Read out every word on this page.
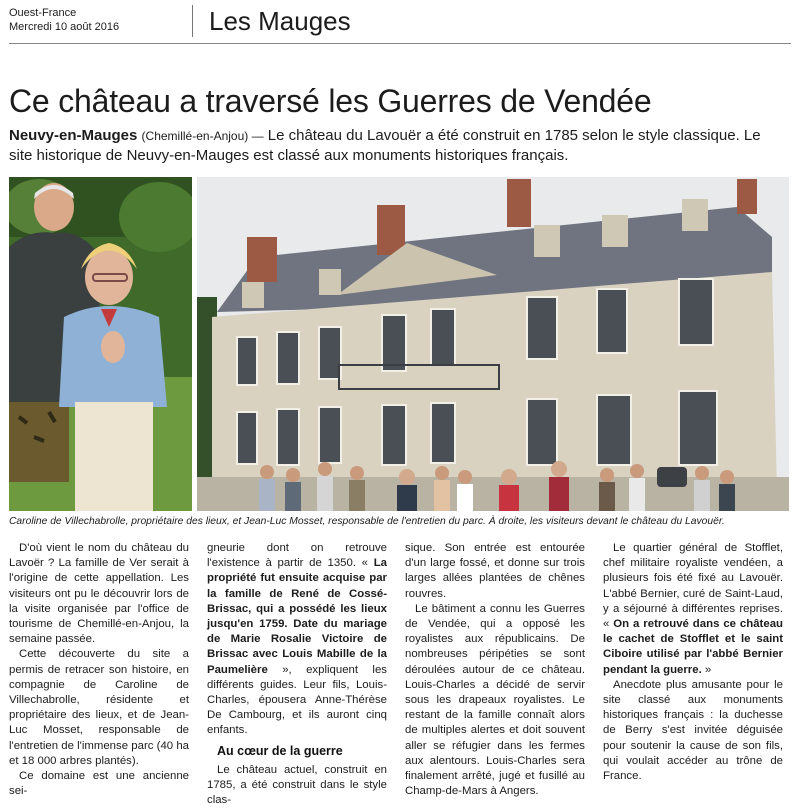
Ouest-France
Mercredi 10 août 2016	Les Mauges
Ce château a traversé les Guerres de Vendée
Neuvy-en-Mauges (Chemillé-en-Anjou) — Le château du Lavouër a été construit en 1785 selon le style classique. Le site historique de Neuvy-en-Mauges est classé aux monuments historiques français.
Caroline de Villechabrolle, propriétaire des lieux, et Jean-Luc Mosset, responsable de l'entretien du parc. À droite, les visiteurs devant le château du Lavouër.

D'où vient le nom du château du Lavoër ? La famille de Ver serait à l'origine de cette appellation. Les visiteurs ont pu le découvrir lors de la visite organisée par l'office de tourisme de Chemillé-en-Anjou, la semaine passée.

Cette découverte du site a permis de retracer son histoire, en compagnie de Caroline de Villechabrolle, résidente et propriétaire des lieux, et de Jean-Luc Mosset, responsable de l'entretien de l'immense parc (40 ha et 18 000 arbres plantés).

Ce domaine est une ancienne sei-

gneurie dont on retrouve l'existence à partir de 1350. « La propriété fut ensuite acquise par la famille de René de Cossé-Brissac, qui a possédé les lieux jusqu'en 1759. Date du mariage de Marie Rosalie Victoire de Brissac avec Louis Mabille de la Paumelière », expliquent les différents guides. Leur fils, Louis-Charles, épousera Anne-Thérèse De Cambourg, et ils auront cinq enfants.

Au cœur de la guerre

Le château actuel, construit en 1785, a été construit dans le style clas-

sique. Son entrée est entourée d'un large fossé, et donne sur trois larges allées plantées de chênes rouvres.

Le bâtiment a connu les Guerres de Vendée, qui a opposé les royalistes aux républicains. De nombreuses péripéties se sont déroulées autour de ce château. Louis-Charles a décidé de servir sous les drapeaux royalistes. Le restant de la famille connaît alors de multiples alertes et doit souvent aller se réfugier dans les fermes aux alentours. Louis-Charles sera finalement arrêté, jugé et fusillé au Champ-de-Mars à Angers.

Le quartier général de Stofflet, chef militaire royaliste vendéen, a plusieurs fois été fixé au Lavouër. L'abbé Bernier, curé de Saint-Laud, y a séjourné à différentes reprises. « On a retrouvé dans ce château le cachet de Stofflet et le saint Ciboire utilisé par l'abbé Bernier pendant la guerre. »

Anecdote plus amusante pour le site classé aux monuments historiques français : la duchesse de Berry s'est invitée déguisée pour soutenir la cause de son fils, qui voulait accéder au trône de France.
